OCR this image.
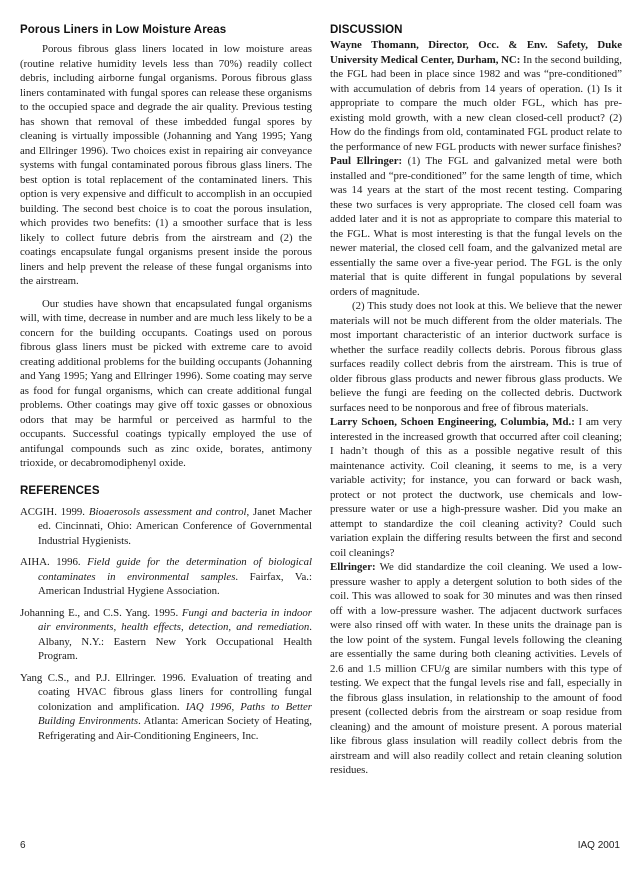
Porous Liners in Low Moisture Areas

Porous fibrous glass liners located in low moisture areas (routine relative humidity levels less than 70%) readily collect debris, including airborne fungal organisms. Porous fibrous glass liners contaminated with fungal spores can release these organisms to the occupied space and degrade the air quality. Previous testing has shown that removal of these imbedded fungal spores by cleaning is virtually impossible (Johanning and Yang 1995; Yang and Ellringer 1996). Two choices exist in repairing air conveyance systems with fungal contaminated porous fibrous glass liners. The best option is total replacement of the contaminated liners. This option is very expensive and difficult to accomplish in an occupied building. The second best choice is to coat the porous insulation, which provides two benefits: (1) a smoother surface that is less likely to collect future debris from the airstream and (2) the coatings encapsulate fungal organisms present inside the porous liners and help prevent the release of these fungal organisms into the airstream.

Our studies have shown that encapsulated fungal organisms will, with time, decrease in number and are much less likely to be a concern for the building occupants. Coatings used on porous fibrous glass liners must be picked with extreme care to avoid creating additional problems for the building occupants (Johanning and Yang 1995; Yang and Ellringer 1996). Some coating may serve as food for fungal organisms, which can create additional fungal problems. Other coatings may give off toxic gasses or obnoxious odors that may be harmful or perceived as harmful to the occupants. Successful coatings typically employed the use of antifungal compounds such as zinc oxide, borates, antimony trioxide, or decabromodiphenyl oxide.

REFERENCES

ACGIH. 1999. Bioaerosols assessment and control, Janet Macher ed. Cincinnati, Ohio: American Conference of Governmental Industrial Hygienists.

AIHA. 1996. Field guide for the determination of biological contaminates in environmental samples. Fairfax, Va.: American Industrial Hygiene Association.

Johanning E., and C.S. Yang. 1995. Fungi and bacteria in indoor air environments, health effects, detection, and remediation. Albany, N.Y.: Eastern New York Occupational Health Program.

Yang C.S., and P.J. Ellringer. 1996. Evaluation of treating and coating HVAC fibrous glass liners for controlling fungal colonization and amplification. IAQ 1996, Paths to Better Building Environments. Atlanta: American Society of Heating, Refrigerating and Air-Conditioning Engineers, Inc.

DISCUSSION

Wayne Thomann, Director, Occ. & Env. Safety, Duke University Medical Center, Durham, NC: In the second building, the FGL had been in place since 1982 and was “pre-conditioned” with accumulation of debris from 14 years of operation. (1) Is it appropriate to compare the much older FGL, which has pre-existing mold growth, with a new clean closed-cell product? (2) How do the findings from old, contaminated FGL product relate to the performance of new FGL products with newer surface finishes?

Paul Ellringer: (1) The FGL and galvanized metal were both installed and “pre-conditioned” for the same length of time, which was 14 years at the start of the most recent testing. Comparing these two surfaces is very appropriate. The closed cell foam was added later and it is not as appropriate to compare this material to the FGL. What is most interesting is that the fungal levels on the newer material, the closed cell foam, and the galvanized metal are essentially the same over a five-year period. The FGL is the only material that is quite different in fungal populations by several orders of magnitude.

(2) This study does not look at this. We believe that the newer materials will not be much different from the older materials. The most important characteristic of an interior ductwork surface is whether the surface readily collects debris. Porous fibrous glass surfaces readily collect debris from the airstream. This is true of older fibrous glass products and newer fibrous glass products. We believe the fungi are feeding on the collected debris. Ductwork surfaces need to be nonporous and free of fibrous materials.

Larry Schoen, Schoen Engineering, Columbia, Md.: I am very interested in the increased growth that occurred after coil cleaning; I hadn’t though of this as a possible negative result of this maintenance activity. Coil cleaning, it seems to me, is a very variable activity; for instance, you can forward or back wash, protect or not protect the ductwork, use chemicals and low-pressure water or use a high-pressure washer. Did you make an attempt to standardize the coil cleaning activity? Could such variation explain the differing results between the first and second coil cleanings?

Ellringer: We did standardize the coil cleaning. We used a low-pressure washer to apply a detergent solution to both sides of the coil. This was allowed to soak for 30 minutes and was then rinsed off with a low-pressure washer. The adjacent ductwork surfaces were also rinsed off with water. In these units the drainage pan is the low point of the system. Fungal levels following the cleaning are essentially the same during both cleaning activities. Levels of 2.6 and 1.5 million CFU/g are similar numbers with this type of testing. We expect that the fungal levels rise and fall, especially in the fibrous glass insulation, in relationship to the amount of food present (collected debris from the airstream or soap residue from cleaning) and the amount of moisture present. A porous material like fibrous glass insulation will readily collect debris from the airstream and will also readily collect and retain cleaning solution residues.

6	IAQ 2001
